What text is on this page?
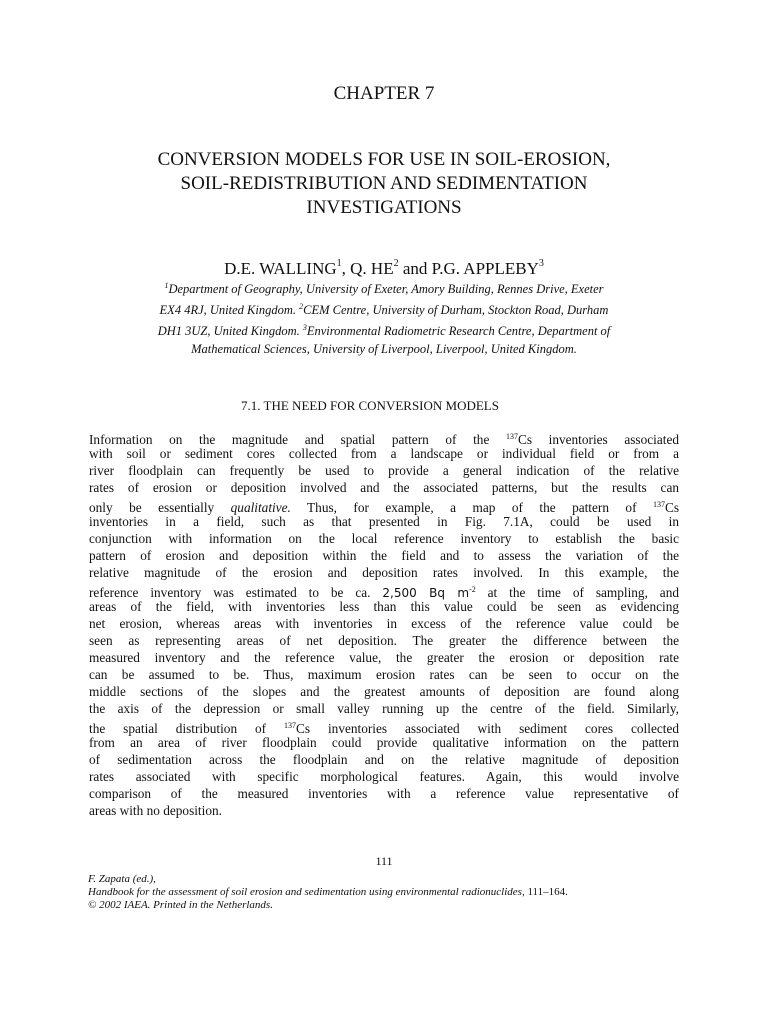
CHAPTER 7
CONVERSION MODELS FOR USE IN SOIL-EROSION,
SOIL-REDISTRIBUTION AND SEDIMENTATION
INVESTIGATIONS
D.E. WALLING$^1$, Q. $HE^2$ and P.G. APPLEBY$^3$
$^1$Department of Geography, University of Exeter, Amory Building, Rennes Drive, Exeter
EX4 4RJ, United Kingdom. $^2$CEM Centre, University of Durham, Stockton Road, Durham
DH1 3UZ, United Kingdom. $^3$Environmental Radiometric Research Centre, Department of
Mathematical Sciences, University of Liverpool, Liverpool, United Kingdom.
7.1. THE NEED FOR CONVERSION MODELS
Information on the magnitude and spatial pattern of the $^{137}$Cs inventories associated
with soil or sediment cores collected from a landscape or individual field or from a
river floodplain can frequently be used to provide a general indication of the relative
rates of erosion or deposition involved and the associated patterns, but the results can
only be essentially qualitative. Thus, for example, a map of the pattern of $^{137}$Cs
inventories in a field, such as that presented in Fig. 7.1A, could be used in
conjunction with information on the local reference inventory to establish the basic
pattern of erosion and deposition within the field and to assess the variation of the
relative magnitude of the erosion and deposition rates involved. In this example, the
reference inventory was estimated to be ca. 2,500 Bq $m^{-2}$ at the time of sampling, and
areas of the field, with inventories less than this value could be seen as evidencing
net erosion, whereas areas with inventories in excess of the reference value could be
seen as representing areas of net deposition. The greater the difference between the
measured inventory and the reference value, the greater the erosion or deposition rate
can be assumed to be. Thus, maximum erosion rates can be seen to occur on the
middle sections of the slopes and the greatest amounts of deposition are found along
the axis of the depression or small valley running up the centre of the field. Similarly,
the spatial distribution of $^{137}$Cs inventories associated with sediment cores collected
from an area of river floodplain could provide qualitative information on the pattern
of sedimentation across the floodplain and on the relative magnitude of deposition
rates associated with specific morphological features. Again, this would involve
comparison of the measured inventories with a reference value representative of
areas with no deposition.
111
F. Zapata (ed.),
Handbook for the assessment of soil erosion and sedimentation using environmental radionuclides, 111–164.
© 2002 IAEA. Printed in the Netherlands.
